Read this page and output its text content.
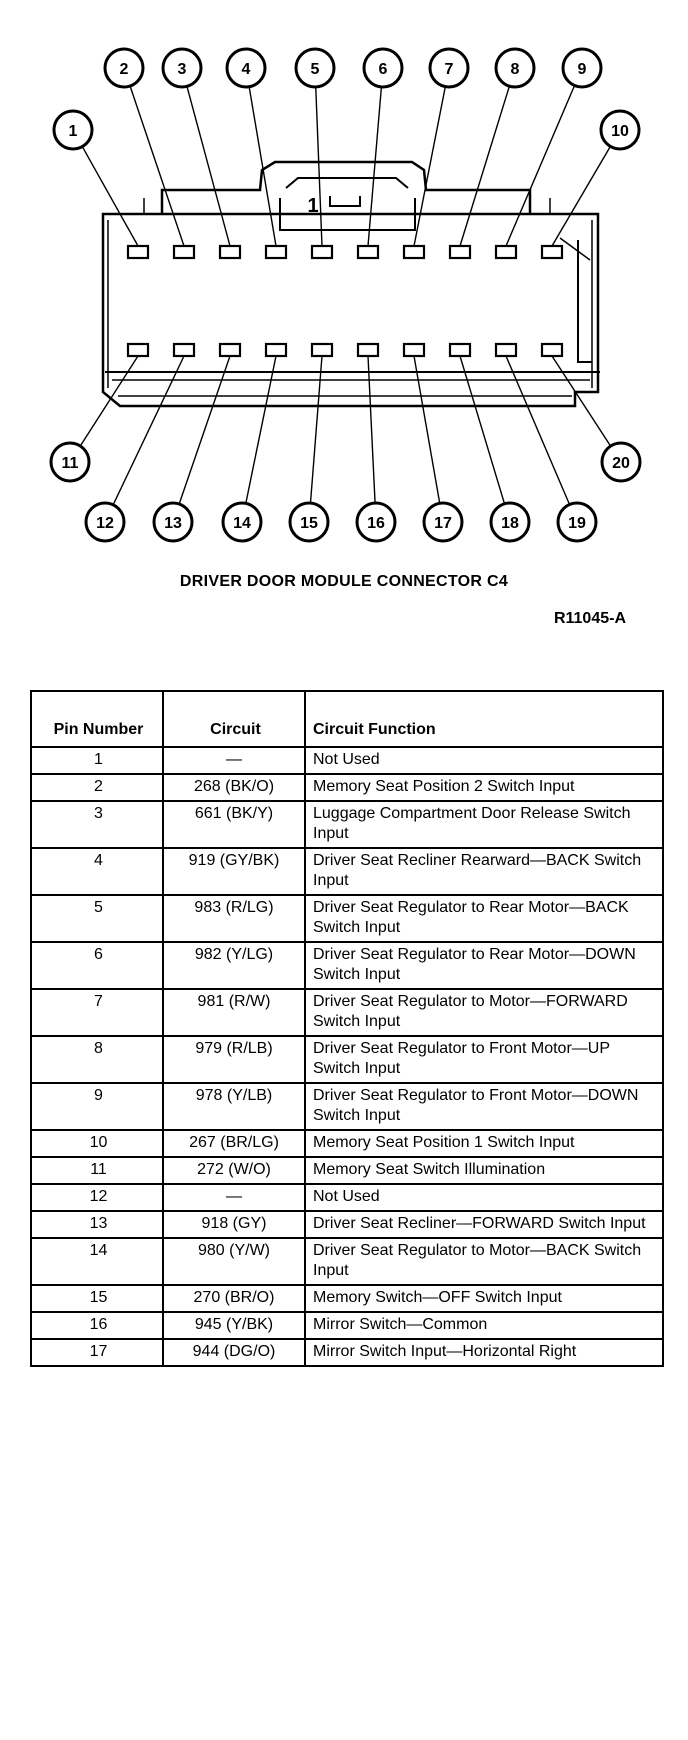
1
2	3	4	5	6	7	8	9
10
11
12	13	14	15	16	17	18	19
20
1
DRIVER DOOR MODULE CONNECTOR C4
R11045-A
Pin Number	Circuit	Circuit Function
1	—	Not Used
2	268 (BK/O)	Memory Seat Position 2 Switch Input
3	661 (BK/Y)	Luggage Compartment Door Release Switch Input
4	919 (GY/BK)	Driver Seat Recliner Rearward—BACK Switch Input
5	983 (R/LG)	Driver Seat Regulator to Rear Motor—BACK Switch Input
6	982 (Y/LG)	Driver Seat Regulator to Rear Motor—DOWN Switch Input
7	981 (R/W)	Driver Seat Regulator to Motor—FORWARD Switch Input
8	979 (R/LB)	Driver Seat Regulator to Front Motor—UP Switch Input
9	978 (Y/LB)	Driver Seat Regulator to Front Motor—DOWN Switch Input
10	267 (BR/LG)	Memory Seat Position 1 Switch Input
11	272 (W/O)	Memory Seat Switch Illumination
12	—	Not Used
13	918 (GY)	Driver Seat Recliner—FORWARD Switch Input
14	980 (Y/W)	Driver Seat Regulator to Motor—BACK Switch Input
15	270 (BR/O)	Memory Switch—OFF Switch Input
16	945 (Y/BK)	Mirror Switch—Common
17	944 (DG/O)	Mirror Switch Input—Horizontal Right
